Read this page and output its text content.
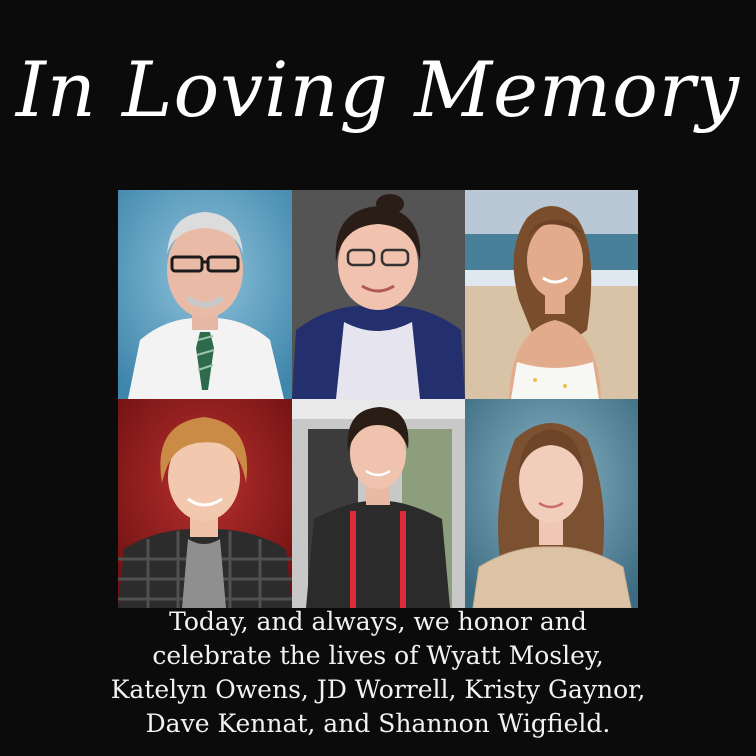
In Loving Memory
Today, and always, we honor and
celebrate the lives of Wyatt Mosley,
Katelyn Owens, JD Worrell, Kristy Gaynor,
Dave Kennat, and Shannon Wigfield.
